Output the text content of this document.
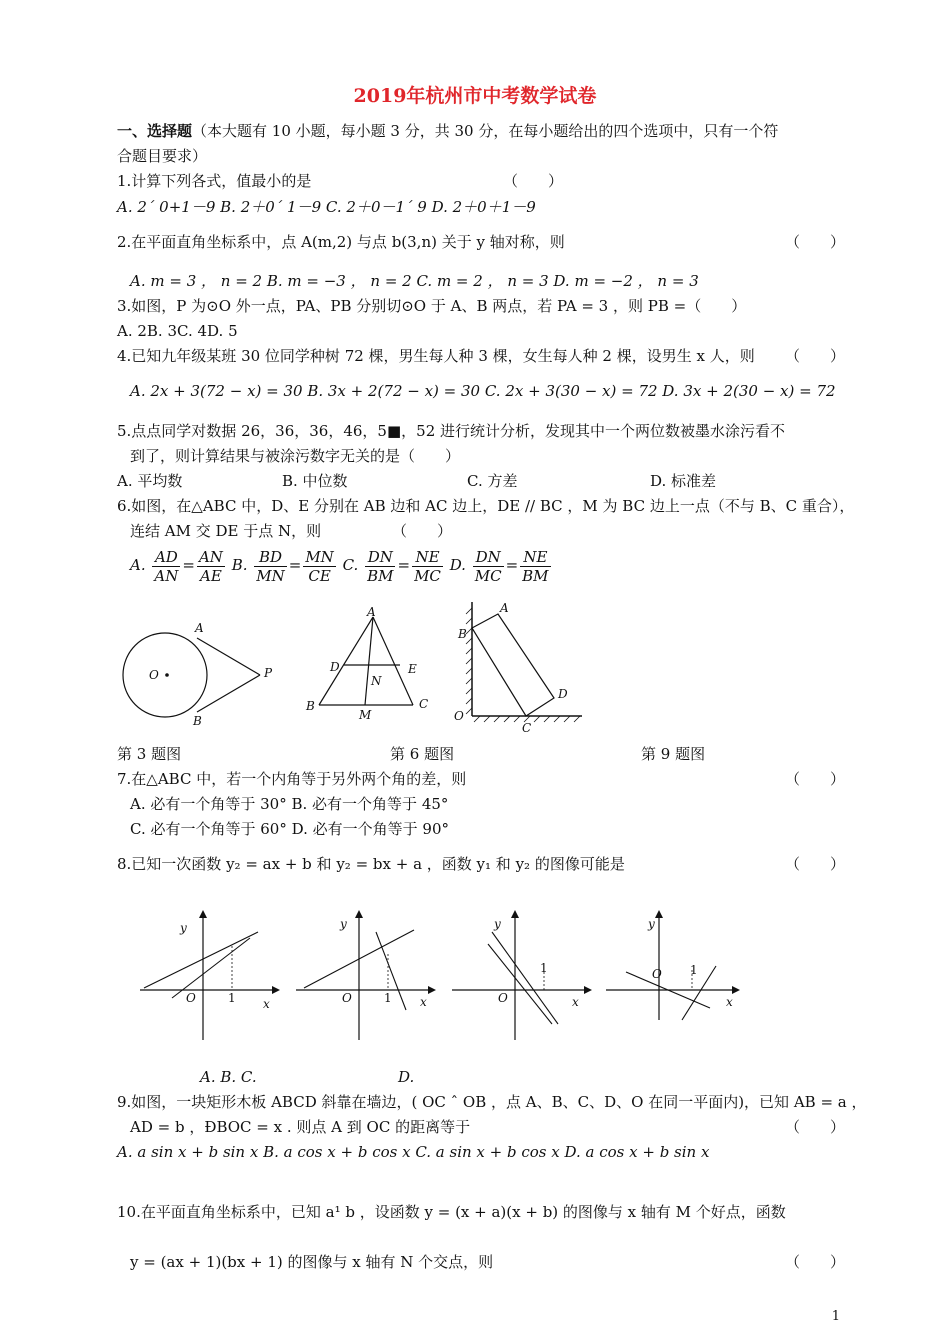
2019年杭州市中考数学试卷
一、选择题（本大题有 10 小题，每小题 3 分，共 30 分，在每小题给出的四个选项中，只有一个符
合题目要求）
1.计算下列各式，值最小的是	（　　）
A. 2´ 0+1－9 B. 2＋0´ 1－9 C. 2＋0－1´ 9 D. 2＋0＋1－9
2.在平面直角坐标系中，点 A(m,2) 与点 b(3,n) 关于 y 轴对称，则	（　　）
A. m = 3 ， n = 2 B. m = −3 ， n = 2 C. m = 2 ， n = 3 D. m = −2 ， n = 3
3.如图，P 为⊙O 外一点，PA、PB 分别切⊙O 于 A、B 两点，若 PA = 3 ，则 PB =（　　）
A. 2B. 3C. 4D. 5
4.已知九年级某班 30 位同学种树 72 棵，男生每人种 3 棵，女生每人种 2 棵，设男生 x 人，则 （　　）
A. 2x + 3(72 − x) = 30 B. 3x + 2(72 − x) = 30 C. 2x + 3(30 − x) = 72 D. 3x + 2(30 − x) = 72
5.点点同学对数据 26，36，36，46，5■，52 进行统计分析，发现其中一个两位数被墨水涂污看不
到了，则计算结果与被涂污数字无关的是（　　）
A. 平均数	B. 中位数	C. 方差	D. 标准差
6.如图，在△ABC 中，D、E 分别在 AB 边和 AC 边上，DE // BC ，M 为 BC 边上一点（不与 B、C 重合），
连结 AM 交 DE 于点 N，则	（　　）
A. $\frac{AD}{AN} = \frac{AN}{AE} B$. $\frac{BD}{MN} = \frac{MN}{CE} C$. $\frac{DN}{BM} = \frac{NE}{MC} D$. $\frac{DN}{MC} = \frac{NE}{BM}$
A
B
O	P
A
B	C
D	E
M
N
B
A
D
C
O
第 3 题图	第 6 题图	第 9 题图
7.在△ABC 中，若一个内角等于另外两个角的差，则	（　　）
A. 必有一个角等于 30° B. 必有一个角等于 45°
C. 必有一个角等于 60° D. 必有一个角等于 90°
8.已知一次函数 y₂ = ax + b 和 y₂ = bx + a ，函数 y₁ 和 y₂ 的图像可能是	（　　）
y
x
O	1
y
x
O	1
y
x
O
1
y
x
O 1
A. B. C.	D.
9.如图，一块矩形木板 ABCD 斜靠在墙边，( OC ˆ OB ，点 A、B、C、D、O 在同一平面内)，已知 AB = a ，
AD = b ，ÐBOC = x . 则点 A 到 OC 的距离等于	（　　）
A. a sin x + b sin x B. a cos x + b cos x C. a sin x + b cos x D. a cos x + b sin x
10.在平面直角坐标系中，已知 a¹ b ，设函数 y = (x + a)(x + b) 的图像与 x 轴有 M 个好点，函数
y = (ax + 1)(bx + 1) 的图像与 x 轴有 N 个交点，则	（　　）
1
